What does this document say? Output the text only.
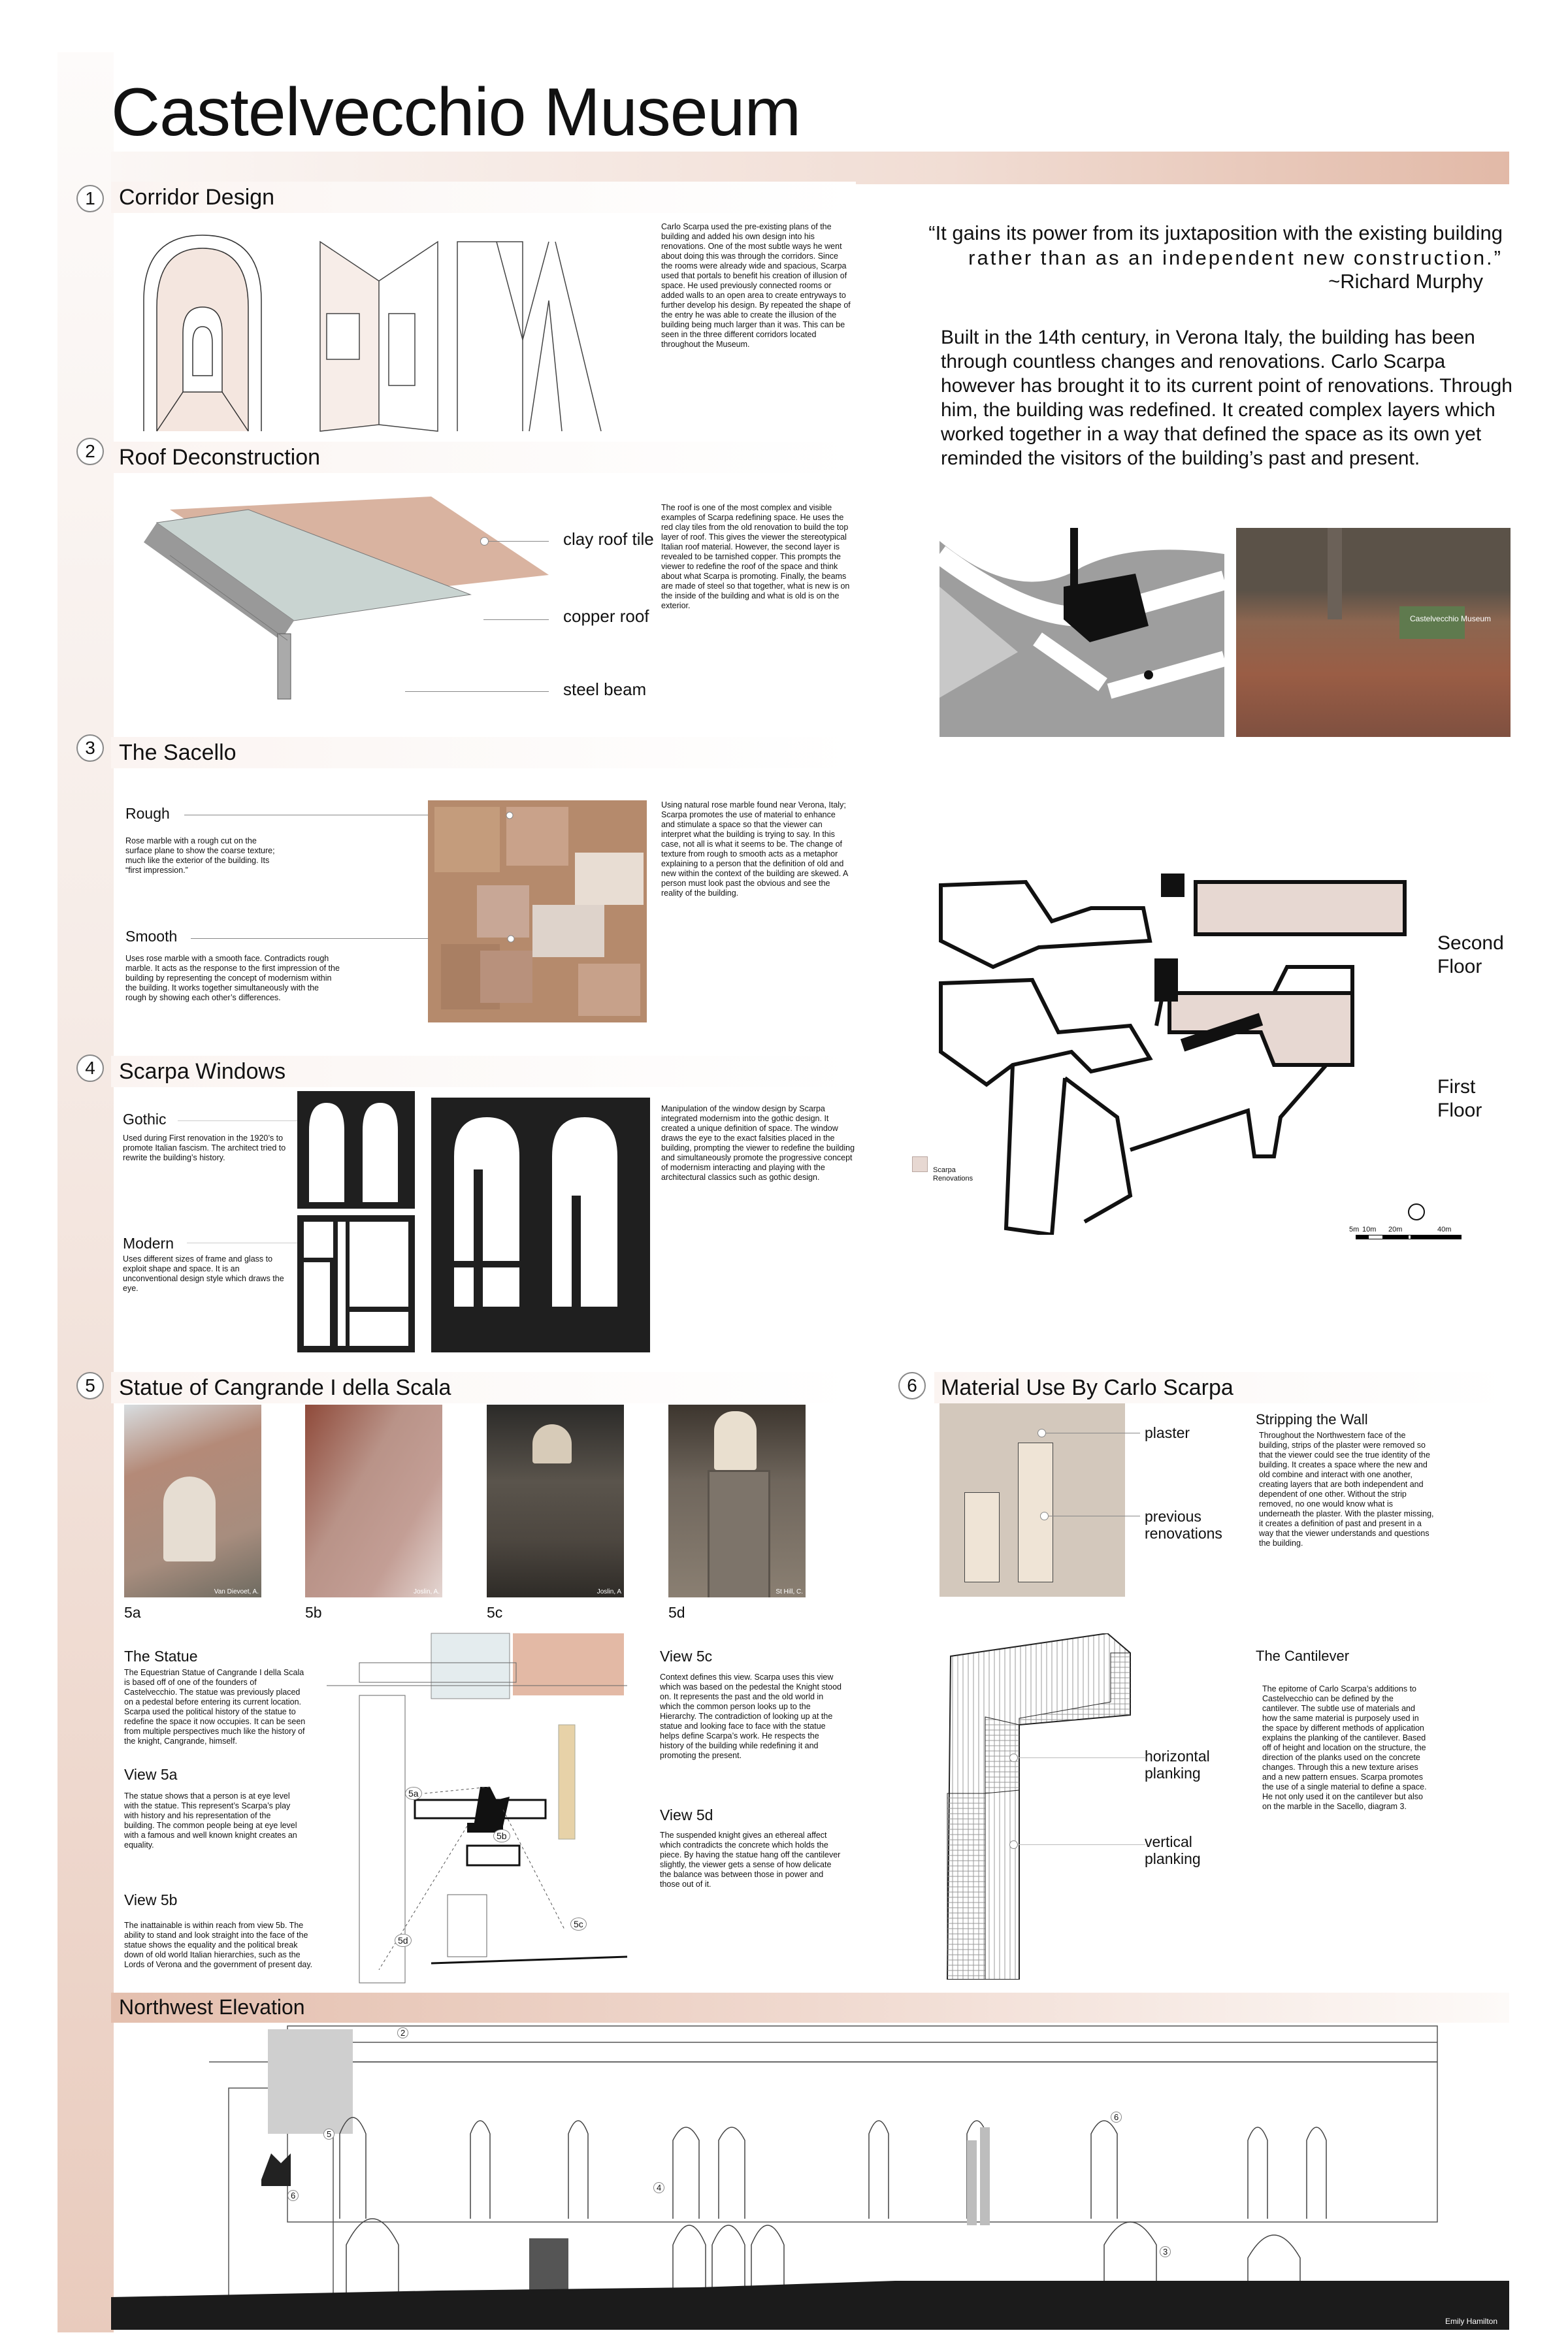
Castelvecchio Museum
1	Corridor Design
Carlo Scarpa used the pre-existing plans of the building and added his own design into his renovations. One of the most subtle ways he went about doing this was through the corridors. Since the rooms were already wide and spacious, Scarpa used that portals to benefit his creation of illusion of space. He used previously connected rooms or added walls to an open area to create entryways to further develop his design. By repeated the shape of the entry he was able to create the illusion of the building being much larger than it was. This can be seen in the three different corridors located throughout the Museum.
2	Roof Deconstruction
clay roof tile
copper roof
steel beam
The roof is one of the most complex and visible examples of Scarpa redefining space. He uses the red clay tiles from the old renovation to build the top layer of roof. This gives the viewer the stereotypical Italian roof material. However, the second layer is revealed to be tarnished copper. This prompts the viewer to redefine the roof of the space and think about what Scarpa is promoting. Finally, the beams are made of steel so that together, what is new is on the inside of the building and what is old is on the exterior.
3	The Sacello
Rough
Rose marble with a rough cut on the surface plane to show the coarse texture; much like the exterior of the building. Its “first impression.”
Smooth
Uses rose marble with a smooth face. Contradicts rough marble. It acts as the response to the first impression of the building by representing the concept of modernism within the building. It works together simultaneously with the rough by showing each other’s differences.
Using natural rose marble found near Verona, Italy; Scarpa promotes the use of material to enhance and stimulate a space so that the viewer can interpret what the building is trying to say. In this case, not all is what it seems to be. The change of texture from rough to smooth acts as a metaphor explaining to a person that the definition of old and new within the context of the building are skewed. A person must look past the obvious and see the reality of the building.
4	Scarpa Windows
Gothic
Used during First renovation in the 1920’s to promote Italian fascism. The architect tried to rewrite the building’s history.
Modern
Uses different sizes of frame and glass to exploit shape and space. It is an unconventional design style which draws the eye.
Manipulation of the window design by Scarpa integrated modernism into the gothic design. It created a unique definition of space. The window draws the eye to the exact falsities placed in the building, prompting the viewer to redefine the building and simultaneously promote the progressive concept of modernism interacting and playing with the architectural classics such as gothic design.
“It gains its power from its juxtaposition with the existing building
rather than as an independent new construction.”
~Richard Murphy
Built in the 14th century, in Verona Italy, the building has been through countless changes and renovations. Carlo Scarpa however has brought it to its current point of renovations. Through him, the building was redefined. It created complex layers which worked together in a way that defined the space as its own yet reminded the visitors of the building’s past and present.
Castelvecchio Museum
Second Floor
First Floor
Scarpa Renovations
5m 10m 20m	40m
5	Statue of Cangrande I della Scala
Van Dievoet, A.	Joslin, A.	Joslin, A	St Hill, C.
5a	5b	5c	5d
The Statue
The Equestrian Statue of Cangrande I della Scala is based off of one of the founders of Castelvecchio. The statue was previously placed on a pedestal before entering its current location. Scarpa used the political history of the statue to redefine the space it now occupies. It can be seen from multiple perspectives much like the history of the knight, Cangrande, himself.
View 5a
The statue shows that a person is at eye level with the statue. This represent’s Scarpa’s play with history and his representation of the building. The common people being at eye level with a famous and well known knight creates an equality.
View 5b
The inattainable is within reach from view 5b. The ability to stand and look straight into the face of the statue shows the equality and the political break down of old world Italian hierarchies, such as the Lords of Verona and the government of present day.
5a
5b
5c
5d
View 5c
Context defines this view. Scarpa uses this view which was based on the pedestal the Knight stood on. It represents the past and the old world in which the common person looks up to the Hierarchy. The contradiction of looking up at the statue and looking face to face with the statue helps define Scarpa’s work. He respects the history of the building while redefining it and promoting the present.
View 5d
The suspended knight gives an ethereal affect which contradicts the concrete which holds the piece. By having the statue hang off the cantilever slightly, the viewer gets a sense of how delicate the balance was between those in power and those out of it.
6	Material Use By Carlo Scarpa
plaster
previous renovations
Stripping the Wall
Throughout the Northwestern face of the building, strips of the plaster were removed so that the viewer could see the true identity of the building. It creates a space where the new and old combine and interact with one another, creating layers that are both independent and dependent of one other. Without the strip removed, no one would know what is underneath the plaster. With the plaster missing, it creates a definition of past and present in a way that the viewer understands and questions the building.
horizontal planking
vertical planking
The Cantilever
The epitome of Carlo Scarpa’s additions to Castelvecchio can be defined by the cantilever. The subtle use of materials and how the same material is purposely used in the space by different methods of application explains the planking of the cantilever. Based off of height and location on the structure, the direction of the planks used on the concrete changes. Through this a new texture arises and a new pattern ensues. Scarpa promotes the use of a single material to define a space. He not only used it on the cantilever but also on the marble in the Sacello, diagram 3.
Northwest Elevation
2
5
6
4
6
3
Emily Hamilton
